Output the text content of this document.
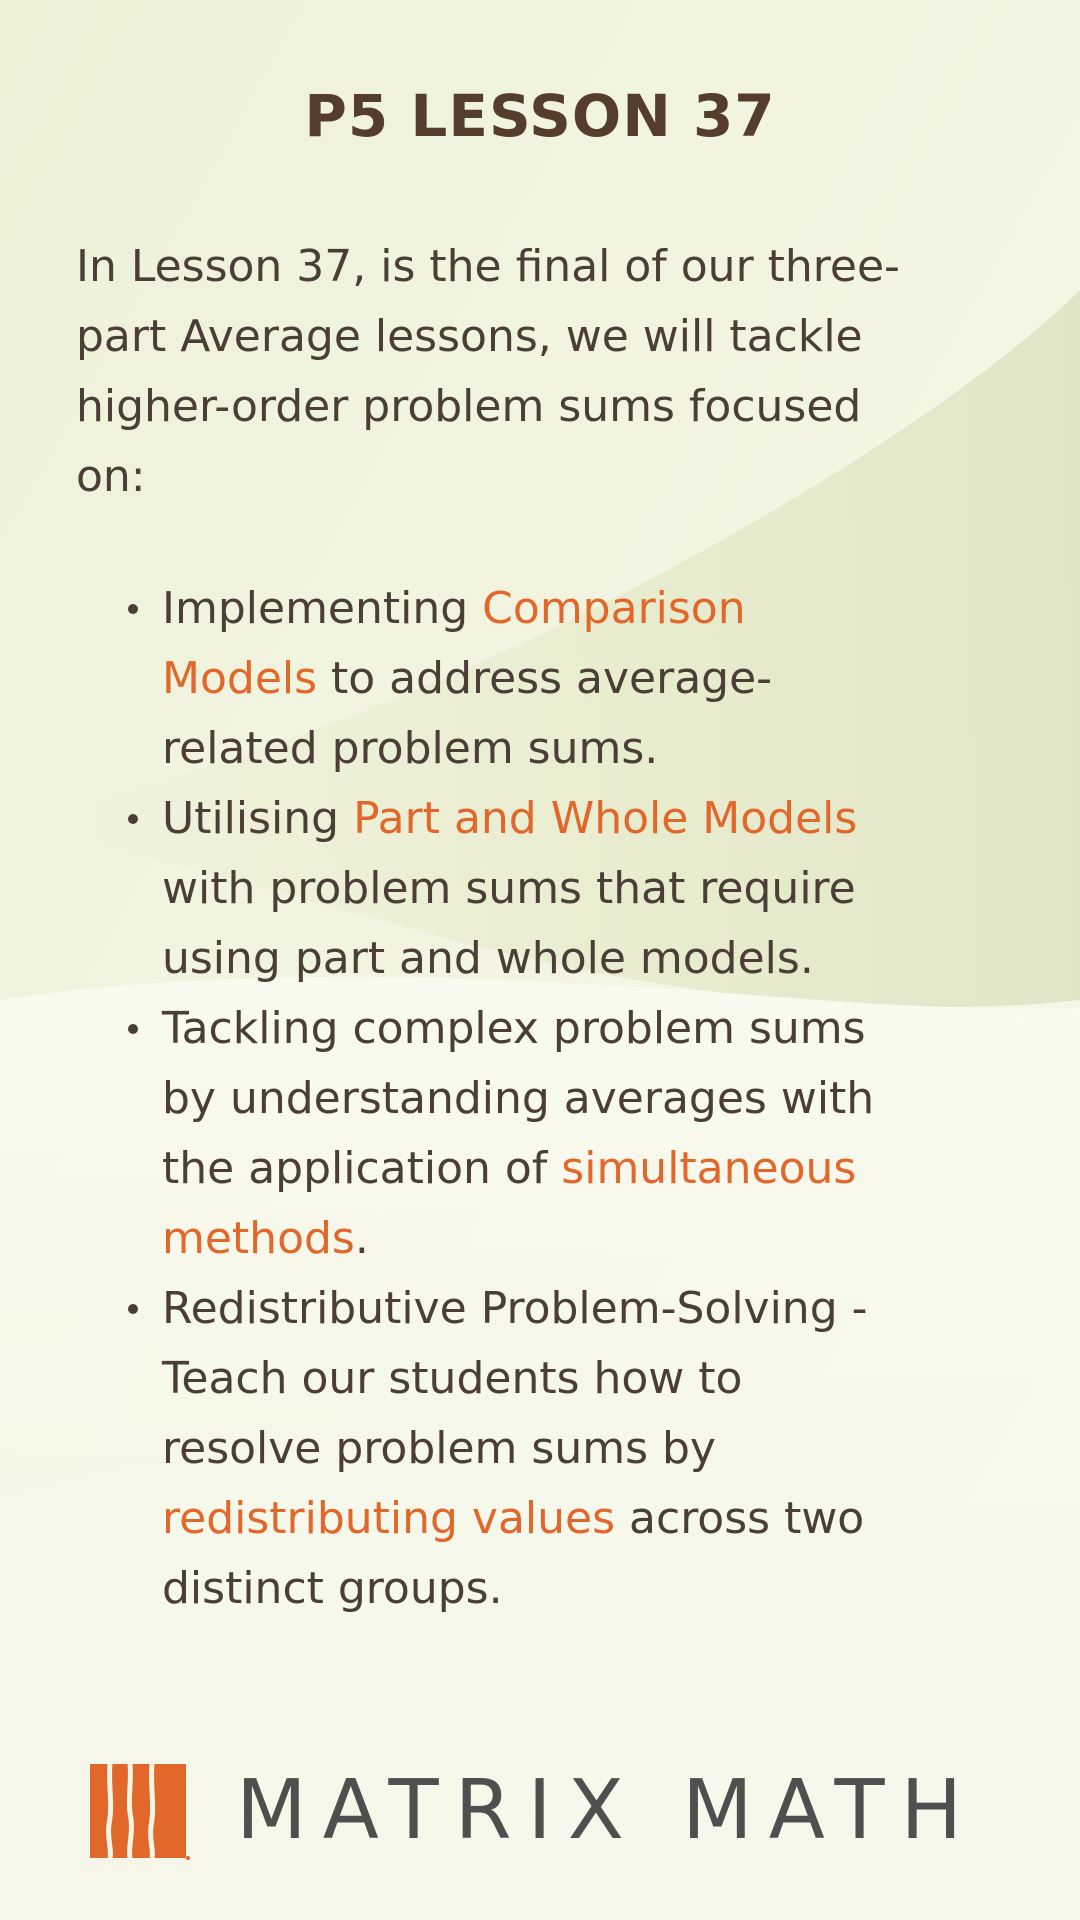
P5 LESSON 37

In Lesson 37, is the final of our three-
part Average lessons, we will tackle
higher-order problem sums focused
on:

Implementing Comparison
Models to address average-
related problem sums.
Utilising Part and Whole Models
with problem sums that require
using part and whole models.
Tackling complex problem sums
by understanding averages with
the application of simultaneous
methods.
Redistributive Problem-Solving -
Teach our students how to
resolve problem sums by
redistributing values across two
distinct groups.

MATRIX MATH
